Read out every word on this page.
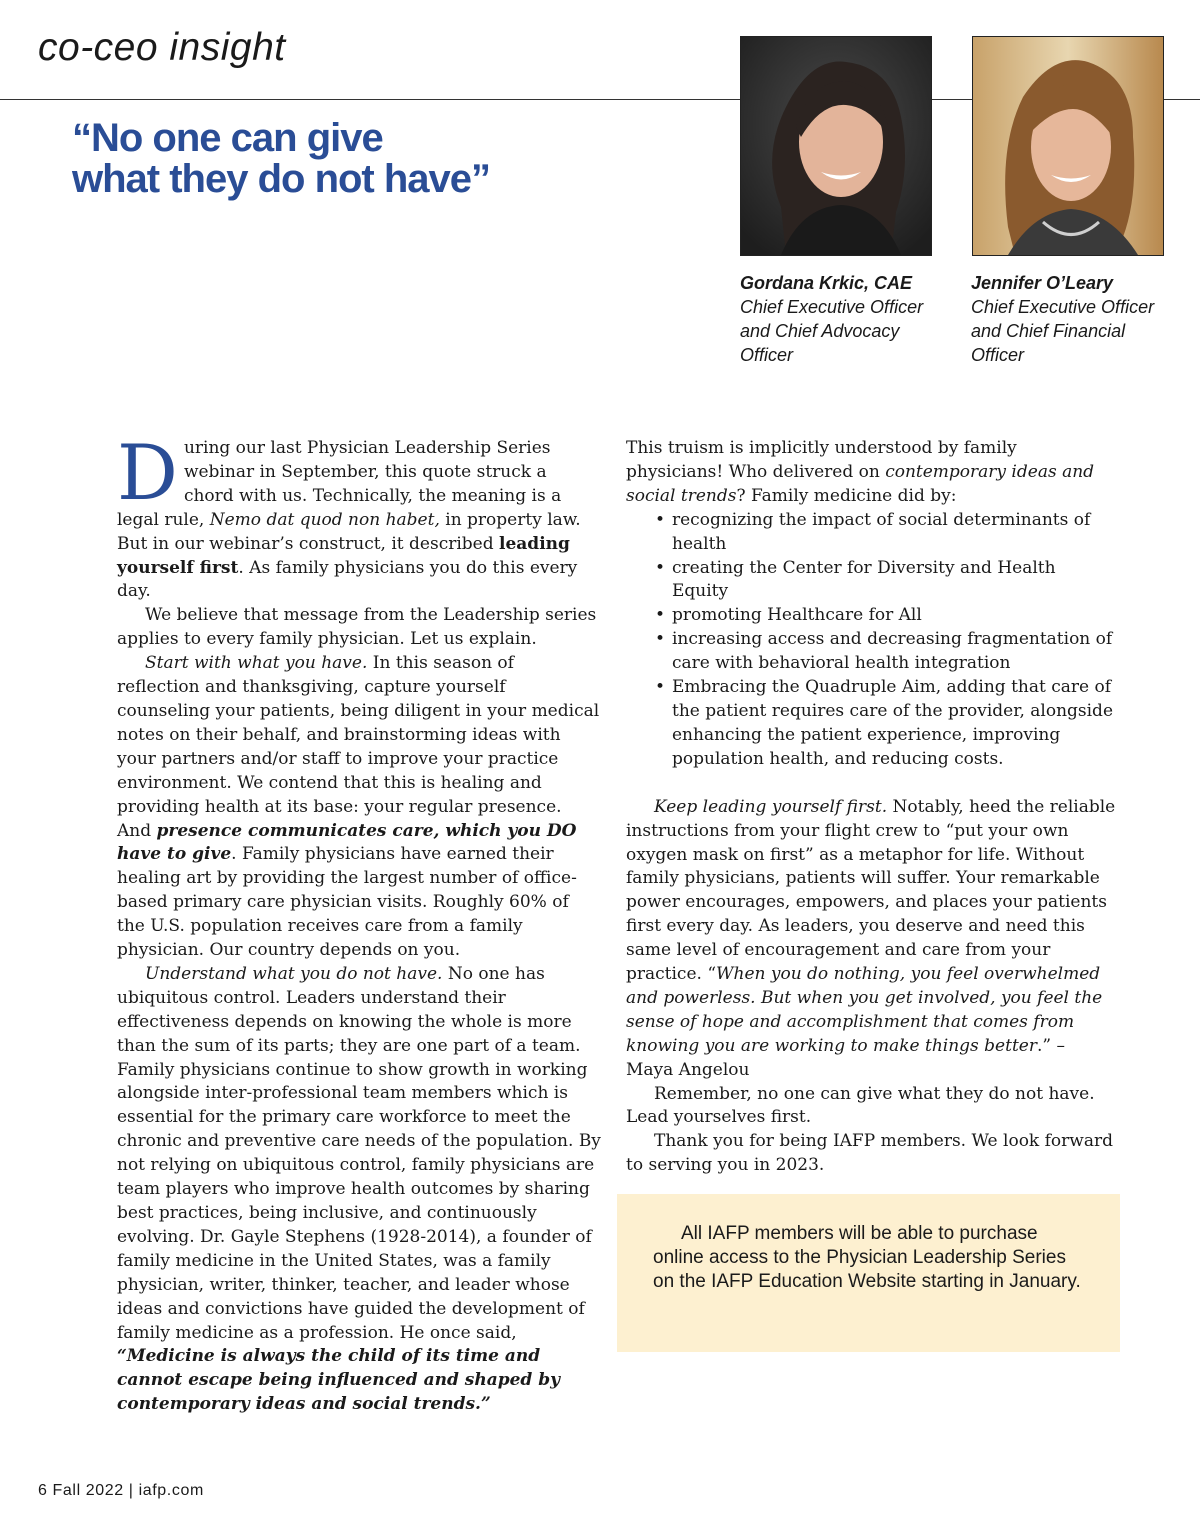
co-ceo insight
“No one can give
what they do not have”
Gordana Krkic, CAE
Chief Executive Officer
and Chief Advocacy
Officer
Jennifer O’Leary
Chief Executive Officer
and Chief Financial
Officer

During our last Physician Leadership Series webinar in September, this quote struck a chord with us. Technically, the meaning is a legal rule, Nemo dat quod non habet, in property law. But in our webinar’s construct, it described leading yourself first. As family physicians you do this every day.

We believe that message from the Leadership series applies to every family physician. Let us explain.

Start with what you have. In this season of reflection and thanksgiving, capture yourself counseling your patients, being diligent in your medical notes on their behalf, and brainstorming ideas with your partners and/or staff to improve your practice environment. We contend that this is healing and providing health at its base: your regular presence. And presence communicates care, which you DO have to give. Family physicians have earned their healing art by providing the largest number of office-based primary care physician visits. Roughly 60% of the U.S. population receives care from a family physician. Our country depends on you.

Understand what you do not have. No one has ubiquitous control. Leaders understand their effectiveness depends on knowing the whole is more than the sum of its parts; they are one part of a team. Family physicians continue to show growth in working alongside inter-professional team members which is essential for the primary care workforce to meet the chronic and preventive care needs of the population. By not relying on ubiquitous control, family physicians are team players who improve health outcomes by sharing best practices, being inclusive, and continuously evolving. Dr. Gayle Stephens (1928-2014), a founder of family medicine in the United States, was a family physician, writer, thinker, teacher, and leader whose ideas and convictions have guided the development of family medicine as a profession. He once said, “Medicine is always the child of its time and cannot escape being influenced and shaped by contemporary ideas and social trends.”

This truism is implicitly understood by family physicians! Who delivered on contemporary ideas and social trends? Family medicine did by:

• recognizing the impact of social determinants of health
• creating the Center for Diversity and Health Equity
• promoting Healthcare for All
• increasing access and decreasing fragmentation of care with behavioral health integration
• Embracing the Quadruple Aim, adding that care of the patient requires care of the provider, alongside enhancing the patient experience, improving population health, and reducing costs.

Keep leading yourself first. Notably, heed the reliable instructions from your flight crew to “put your own oxygen mask on first” as a metaphor for life. Without family physicians, patients will suffer. Your remarkable power encourages, empowers, and places your patients first every day. As leaders, you deserve and need this same level of encouragement and care from your practice. “When you do nothing, you feel overwhelmed and powerless. But when you get involved, you feel the sense of hope and accomplishment that comes from knowing you are working to make things better.” – Maya Angelou

Remember, no one can give what they do not have. Lead yourselves first.

Thank you for being IAFP members. We look forward to serving you in 2023.

All IAFP members will be able to purchase online access to the Physician Leadership Series on the IAFP Education Website starting in January.

6 Fall 2022 | iafp.com
